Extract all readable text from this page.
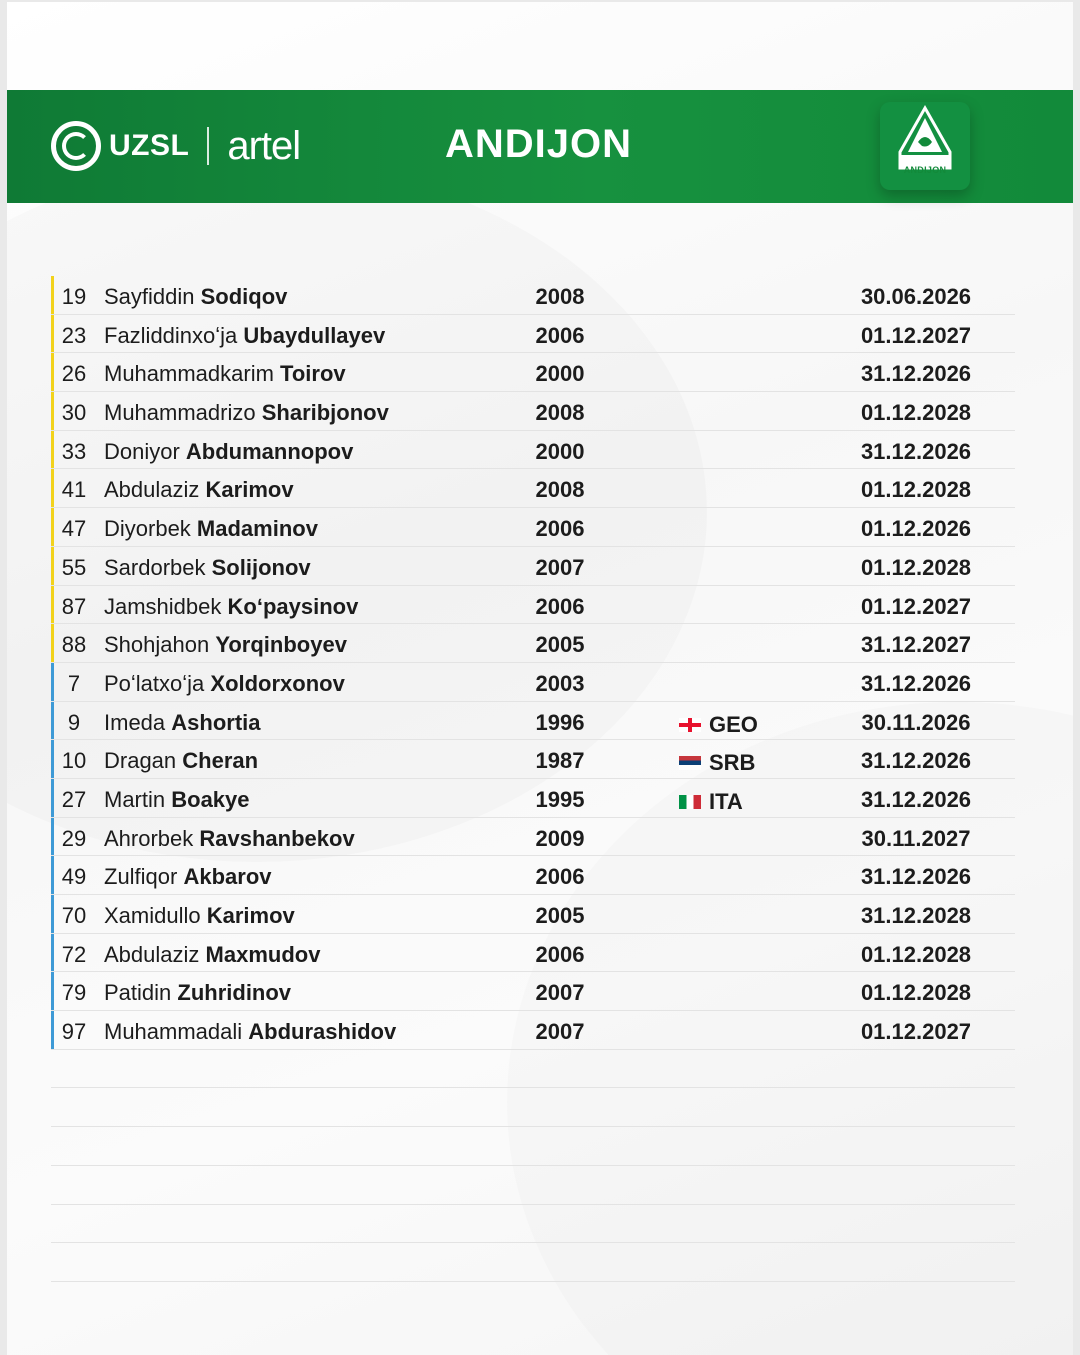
UZSL artel	ANDIJON
ANDIJON
19 Sayfiddin Sodiqov	2008	30.06.2026
23 Fazliddinxoʻja Ubaydullayev	2006	01.12.2027
26 Muhammadkarim Toirov	2000	31.12.2026
30 Muhammadrizo Sharibjonov	2008	01.12.2028
33 Doniyor Abdumannopov	2000	31.12.2026
41 Abdulaziz Karimov	2008	01.12.2028
47 Diyorbek Madaminov	2006	01.12.2026
55 Sardorbek Solijonov	2007	01.12.2028
87 Jamshidbek Koʻpaysinov	2006	01.12.2027
88 Shohjahon Yorqinboyev	2005	31.12.2027
7	Poʻlatxoʻja Xoldorxonov	2003	31.12.2026
9	Imeda Ashortia	1996	GEO	30.11.2026
10 Dragan Cheran	1987	SRB	31.12.2026
27 Martin Boakye	1995	ITA	31.12.2026
29 Ahrorbek Ravshanbekov	2009	30.11.2027
49 Zulfiqor Akbarov	2006	31.12.2026
70 Xamidullo Karimov	2005	31.12.2028
72 Abdulaziz Maxmudov	2006	01.12.2028
79 Patidin Zuhridinov	2007	01.12.2028
97 Muhammadali Abdurashidov	2007	01.12.2027
